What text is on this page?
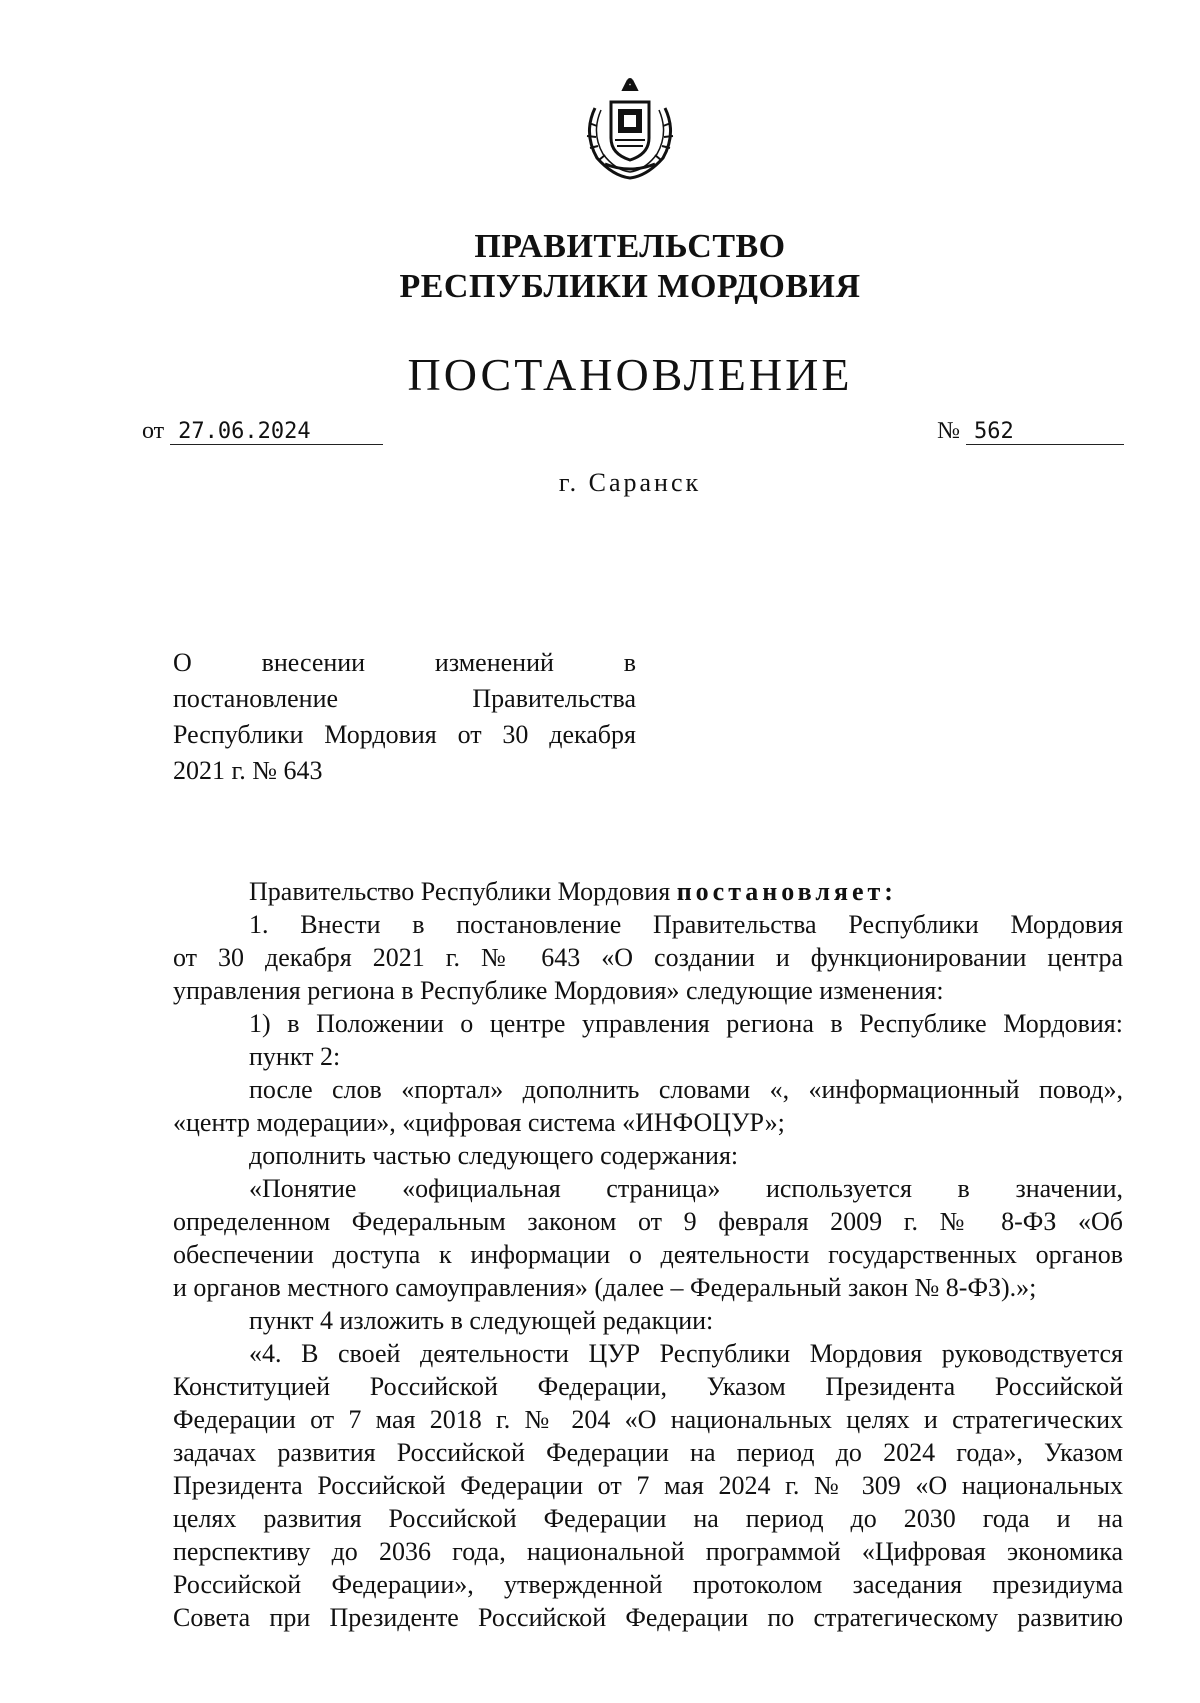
ПРАВИТЕЛЬСТВО
РЕСПУБЛИКИ МОРДОВИЯ
ПОСТАНОВЛЕНИЕ
от 27.06.2024	№ 562
г. Саранск
О внесении изменений в
постановление Правительства
Республики Мордовия от 30 декабря
2021 г. № 643
Правительство Республики Мордовия постановляет:
1. Внести в постановление Правительства Республики Мордовия
от 30 декабря 2021 г. № 643 «О создании и функционировании центра
управления региона в Республике Мордовия» следующие изменения:
1) в Положении о центре управления региона в Республике Мордовия:
пункт 2:
после слов «портал» дополнить словами «, «информационный повод»,
«центр модерации», «цифровая система «ИНФОЦУР»;
дополнить частью следующего содержания:
«Понятие «официальная страница» используется в значении,
определенном Федеральным законом от 9 февраля 2009 г. № 8-ФЗ «Об
обеспечении доступа к информации о деятельности государственных органов
и органов местного самоуправления» (далее – Федеральный закон № 8-ФЗ).»;
пункт 4 изложить в следующей редакции:
«4. В своей деятельности ЦУР Республики Мордовия руководствуется
Конституцией Российской Федерации, Указом Президента Российской
Федерации от 7 мая 2018 г. № 204 «О национальных целях и стратегических
задачах развития Российской Федерации на период до 2024 года», Указом
Президента Российской Федерации от 7 мая 2024 г. № 309 «О национальных
целях развития Российской Федерации на период до 2030 года и на
перспективу до 2036 года, национальной программой «Цифровая экономика
Российской Федерации», утвержденной протоколом заседания президиума
Совета при Президенте Российской Федерации по стратегическому развитию
